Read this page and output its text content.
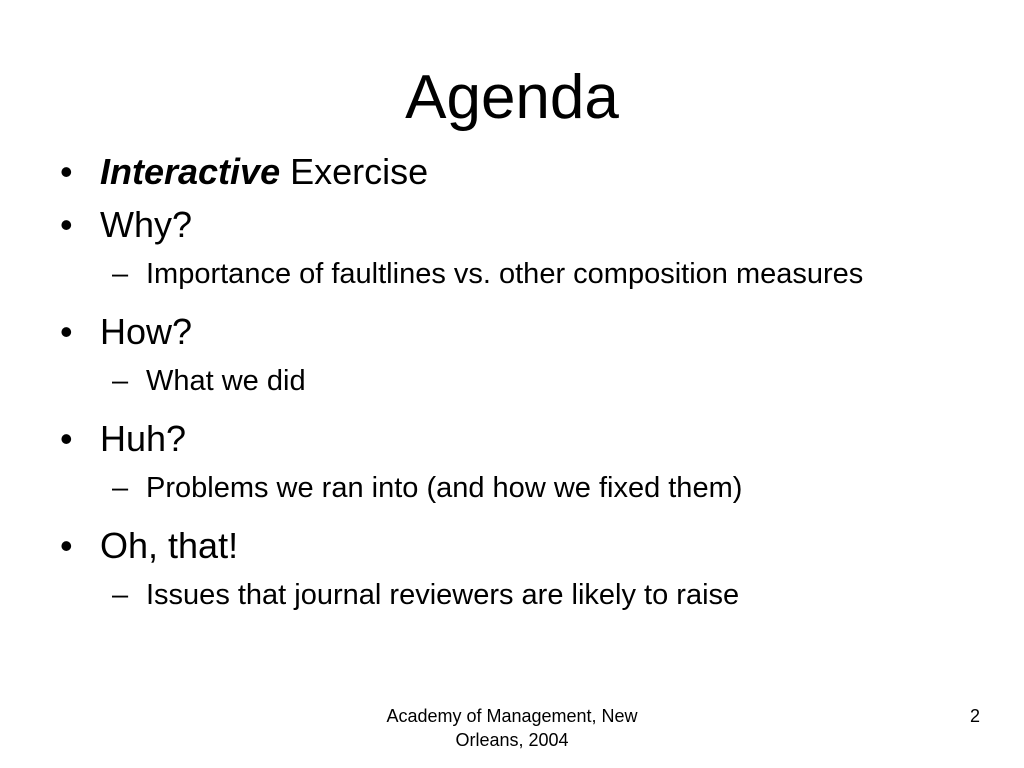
Agenda
• Interactive Exercise
• Why?
– Importance of faultlines vs. other composition measures
• How?
– What we did
• Huh?
– Problems we ran into (and how we fixed them)
• Oh, that!
– Issues that journal reviewers are likely to raise
Academy of Management, New Orleans, 2004
2
